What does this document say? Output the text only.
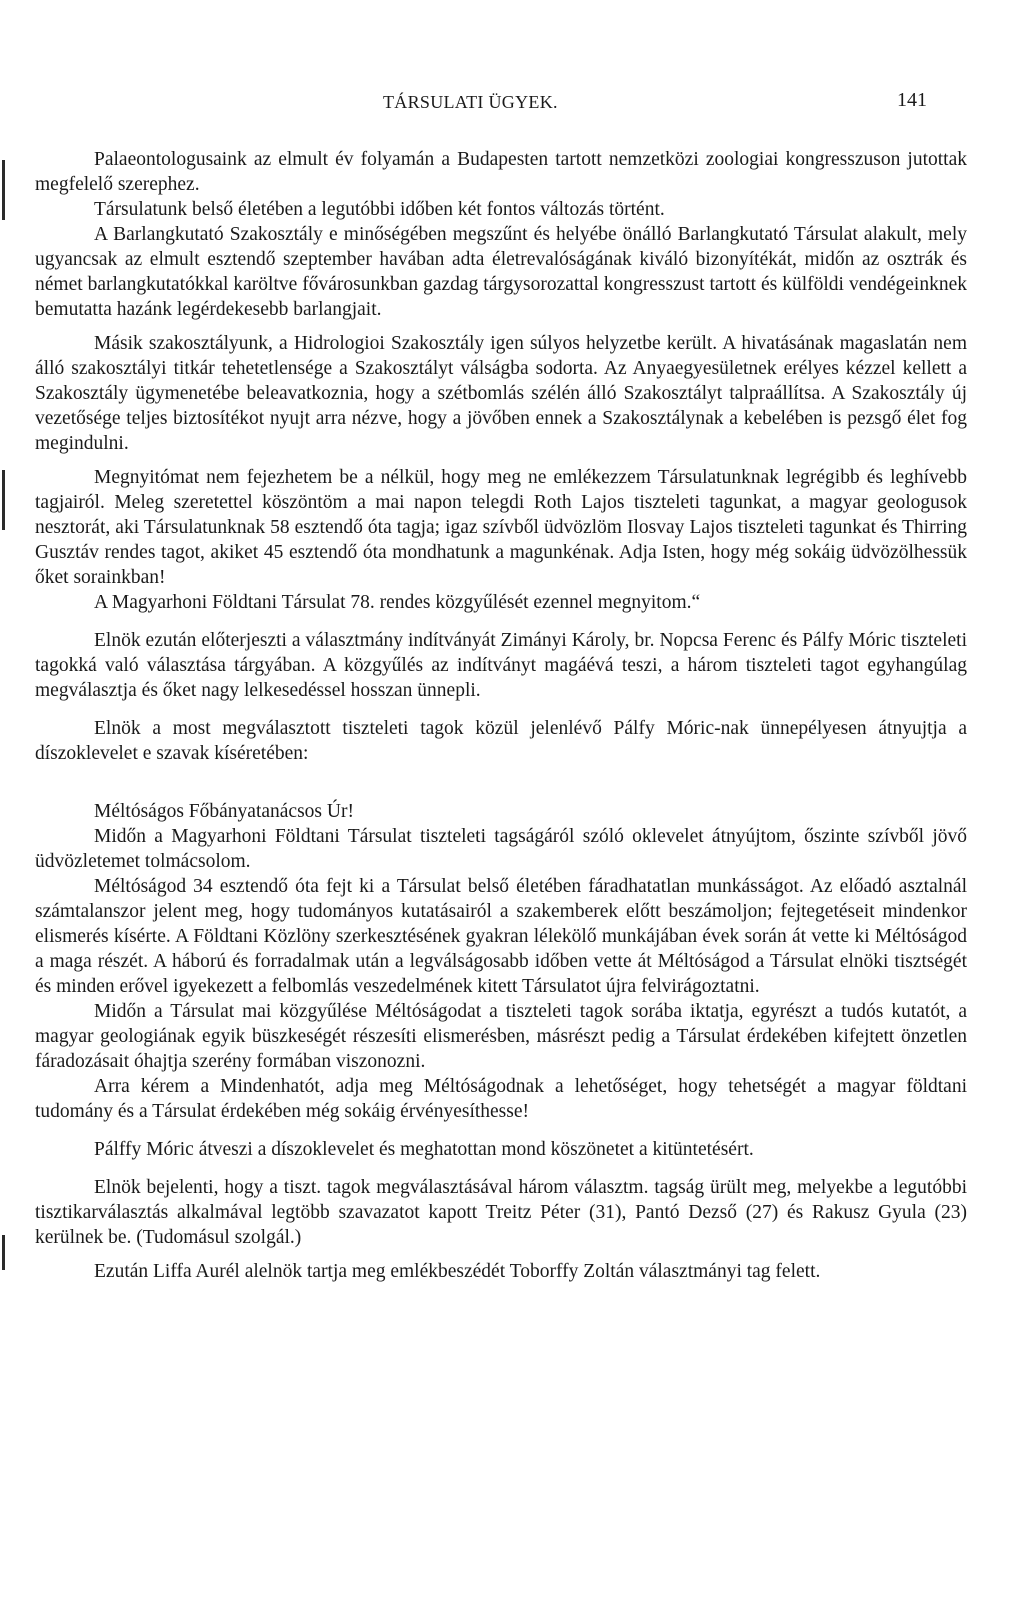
TÁRSULATI ÜGYEK.	141

Palaeontologusaink az elmult év folyamán a Budapesten tartott nemzetközi zoologiai kongresszuson jutottak megfelelő szerephez.

Társulatunk belső életében a legutóbbi időben két fontos változás történt.

A Barlangkutató Szakosztály e minőségében megszűnt és helyébe önálló Barlangkutató Társulat alakult, mely ugyancsak az elmult esztendő szeptember havában adta életrevalóságának kiváló bizonyítékát, midőn az osztrák és német barlangkutatókkal karöltve fővárosunkban gazdag tárgysorozattal kongresszust tartott és külföldi vendégeinknek bemutatta hazánk legérdekesebb barlangjait.

Másik szakosztályunk, a Hidrologioi Szakosztály igen súlyos helyzetbe került. A hivatásának magaslatán nem álló szakosztályi titkár tehetetlensége a Szakosztályt válságba sodorta. Az Anyaegyesületnek erélyes kézzel kellett a Szakosztály ügymenetébe beleavatkoznia, hogy a szétbomlás szélén álló Szakosztályt talpraállítsa. A Szakosztály új vezetősége teljes biztosítékot nyujt arra nézve, hogy a jövőben ennek a Szakosztálynak a kebelében is pezsgő élet fog megindulni.

Megnyitómat nem fejezhetem be a nélkül, hogy meg ne emlékezzem Társulatunknak legrégibb és leghívebb tagjairól. Meleg szeretettel köszöntöm a mai napon telegdi Roth Lajos tiszteleti tagunkat, a magyar geologusok nesztorát, aki Társulatunknak 58 esztendő óta tagja; igaz szívből üdvözlöm Ilosvay Lajos tiszteleti tagunkat és Thirring Gusztáv rendes tagot, akiket 45 esztendő óta mondhatunk a magunkénak. Adja Isten, hogy még sokáig üdvözölhessük őket sorainkban!

A Magyarhoni Földtani Társulat 78. rendes közgyűlését ezennel megnyitom.“

Elnök ezután előterjeszti a választmány indítványát Zimányi Károly, br. Nopcsa Ferenc és Pálfy Móric tiszteleti tagokká való választása tárgyában. A közgyűlés az indítványt magáévá teszi, a három tiszteleti tagot egyhangúlag megválasztja és őket nagy lelkesedéssel hosszan ünnepli.

Elnök a most megválasztott tiszteleti tagok közül jelenlévő Pálfy Móric-nak ünnepélyesen átnyujtja a díszoklevelet e szavak kíséretében:

Méltóságos Főbányatanácsos Úr!

Midőn a Magyarhoni Földtani Társulat tiszteleti tagságáról szóló oklevelet átnyújtom, őszinte szívből jövő üdvözletemet tolmácsolom.

Méltóságod 34 esztendő óta fejt ki a Társulat belső életében fáradhatatlan munkásságot. Az előadó asztalnál számtalanszor jelent meg, hogy tudományos kutatásairól a szakemberek előtt beszámoljon; fejtegetéseit mindenkor elismerés kísérte. A Földtani Közlöny szerkesztésének gyakran lélekölő munkájában évek során át vette ki Méltóságod a maga részét. A háború és forradalmak után a legválságosabb időben vette át Méltóságod a Társulat elnöki tisztségét és minden erővel igyekezett a felbomlás veszedelmének kitett Társulatot újra felvirágoztatni.

Midőn a Társulat mai közgyűlése Méltóságodat a tiszteleti tagok sorába iktatja, egyrészt a tudós kutatót, a magyar geologiának egyik büszkeségét részesíti elismerésben, másrészt pedig a Társulat érdekében kifejtett önzetlen fáradozásait óhajtja szerény formában viszonozni.

Arra kérem a Mindenhatót, adja meg Méltóságodnak a lehetőséget, hogy tehetségét a magyar földtani tudomány és a Társulat érdekében még sokáig érvényesíthesse!

Pálffy Móric átveszi a díszoklevelet és meghatottan mond köszönetet a kitüntetésért.

Elnök bejelenti, hogy a tiszt. tagok megválasztásával három választm. tagság ürült meg, melyekbe a legutóbbi tisztikarválasztás alkalmával legtöbb szavazatot kapott Treitz Péter (31), Pantó Dezső (27) és Rakusz Gyula (23) kerülnek be. (Tudomásul szolgál.)

Ezután Liffa Aurél alelnök tartja meg emlékbeszédét Toborffy Zoltán választmányi tag felett.
